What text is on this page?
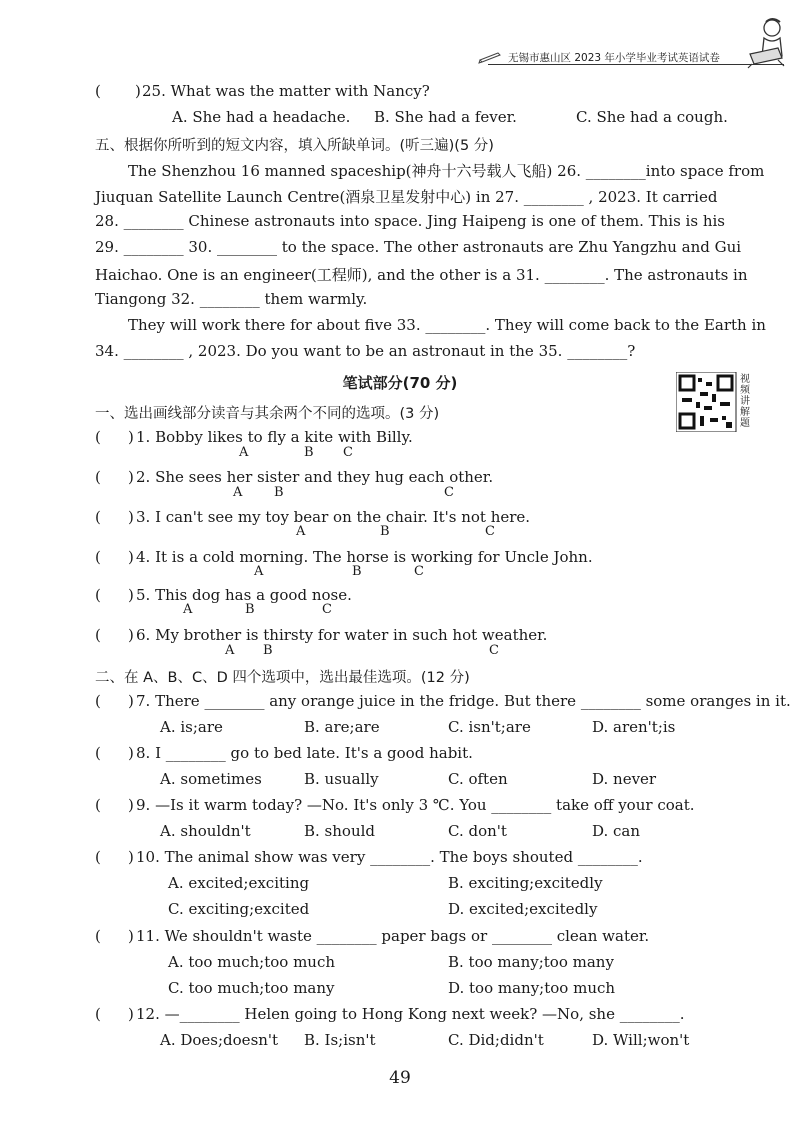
无锡市惠山区 2023 年小学毕业考试英语试卷
( ) 25. What was the matter with Nancy?
A. She had a headache. B. She had a fever.	C. She had a cough.
五、根据你所听到的短文内容，填入所缺单词。(听三遍)(5 分)
The Shenzhou 16 manned spaceship(神舟十六号载人飞船) 26. ________into space from
Jiuquan Satellite Launch Centre(酒泉卫星发射中心) in 27. ________ , 2023. It carried
28. ________ Chinese astronauts into space. Jing Haipeng is one of them. This is his
29. ________ 30. ________ to the space. The other astronauts are Zhu Yangzhu and Gui
Haichao. One is an engineer(工程师), and the other is a 31. ________. The astronauts in
Tiangong 32. ________ them warmly.
They will work there for about five 33. ________. They will come back to the Earth in
34. ________ , 2023. Do you want to be an astronaut in the 35. ________?
笔试部分(70 分)	视频讲解题
一、选出画线部分读音与其余两个不同的选项。(3 分)
( ) 1. Bobby likes to fly a kite with Billy.
A	B C
( ) 2. She sees her sister and they hug each other.
A B	C
( ) 3. I can't see my toy bear on the chair. It's not here.
A	B	C
( ) 4. It is a cold morning. The horse is working for Uncle John.
A	B	C
( ) 5. This dog has a good nose.
A	B	C
( ) 6. My brother is thirsty for water in such hot weather.
A B	C
二、在 A、B、C、D 四个选项中，选出最佳选项。(12 分)
( ) 7. There ________ any orange juice in the fridge. But there ________ some oranges in it.
A. is;are	B. are;are	C. isn't;are	D. aren't;is
( ) 8. I ________ go to bed late. It's a good habit.
A. sometimes	B. usually	C. often	D. never
( ) 9. —Is it warm today? —No. It's only 3 ℃. You ________ take off your coat.
A. shouldn't	B. should	C. don't	D. can
( ) 10. The animal show was very ________. The boys shouted ________.
A. excited;exciting	B. exciting;excitedly
C. exciting;excited	D. excited;excitedly
( ) 11. We shouldn't waste ________ paper bags or ________ clean water.
A. too much;too much	B. too many;too many
C. too much;too many	D. too many;too much
( ) 12. —________ Helen going to Hong Kong next week? —No, she ________.
A. Does;doesn't B. Is;isn't	C. Did;didn't	D. Will;won't
49
